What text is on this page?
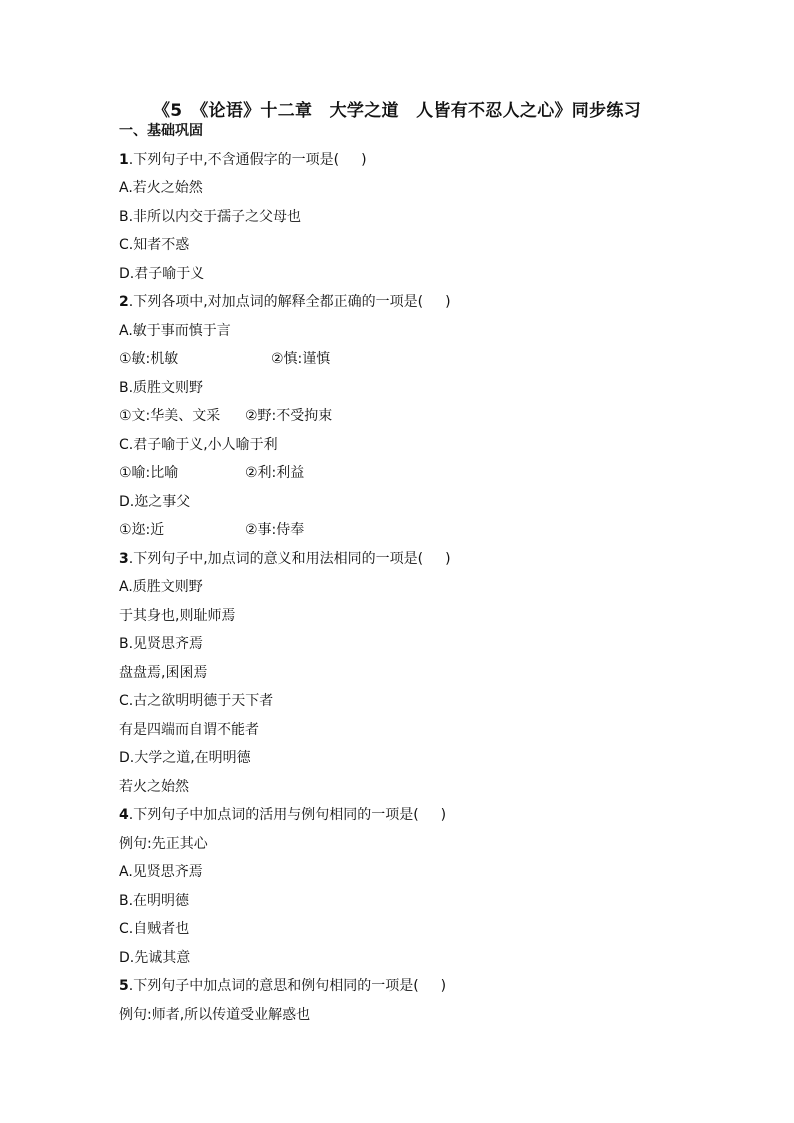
《5　《论语》十二章　大学之道　人皆有不忍人之心》同步练习
一、基础巩固
1.下列句子中,不含通假字的一项是( )
A.若火之始然
B.非所以内交于孺子之父母也
C.知者不惑
D.君子喻于义
2.下列各项中,对加点词的解释全都正确的一项是( )
A.敏于事而慎于言
①敏:机敏	②慎:谨慎
B.质胜文则野
①文:华美、文采 ②野:不受拘束
C.君子喻于义,小人喻于利
①喻:比喻	②利:利益
D.迩之事父
①迩:近	②事:侍奉
3.下列句子中,加点词的意义和用法相同的一项是( )
A.质胜文则野
于其身也,则耻师焉
B.见贤思齐焉
盘盘焉,囷囷焉
C.古之欲明明德于天下者
有是四端而自谓不能者
D.大学之道,在明明德
若火之始然
4.下列句子中加点词的活用与例句相同的一项是( )
例句:先正其心
A.见贤思齐焉
B.在明明德
C.自贼者也
D.先诚其意
5.下列句子中加点词的意思和例句相同的一项是( )
例句:师者,所以传道受业解惑也
